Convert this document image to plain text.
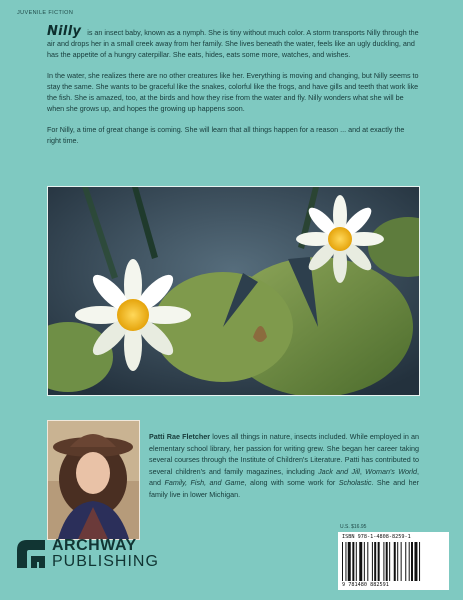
JUVENILE FICTION

Nilly is an insect baby, known as a nymph. She is tiny without much color. A storm transports Nilly through the air and drops her in a small creek away from her family. She lives beneath the water, feels like an ugly duckling, and has the appetite of a hungry caterpillar. She eats, hides, eats some more, watches, and wishes.

In the water, she realizes there are no other creatures like her. Everything is moving and changing, but Nilly seems to stay the same. She wants to be graceful like the snakes, colorful like the frogs, and have gills and teeth that work like the fish. She is amazed, too, at the birds and how they rise from the water and fly. Nilly wonders what she will be when she grows up, and hopes the growing up happens soon.

For Nilly, a time of great change is coming. She will learn that all things happen for a reason ... and at exactly the right time.

Patti Rae Fletcher loves all things in nature, insects included. While employed in an elementary school library, her passion for writing grew. She began her career taking several courses through the Institute of Children's Literature. Patti has contributed to several children's and family magazines, including Jack and Jill, Woman's World, and Family, Fish, and Game, along with some work for Scholastic. She and her family live in lower Michigan.
ARCHWAY
PUBLISHING
U.S. $16.95
ISBN 978-1-4808-8259-1
9 781480 882591
